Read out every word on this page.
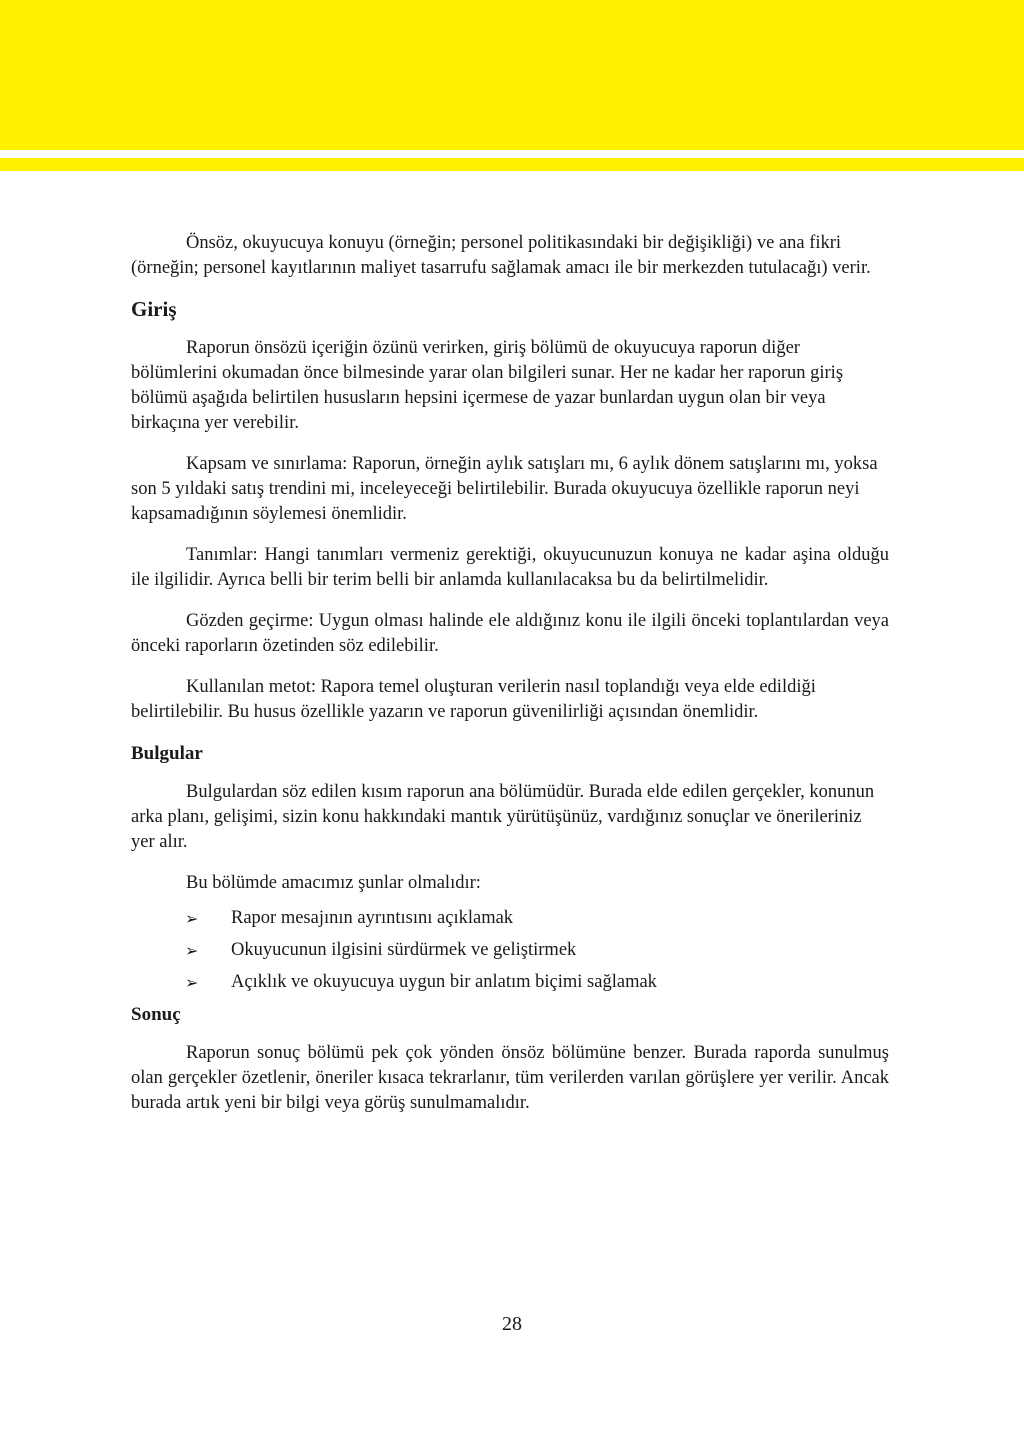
Önsöz, okuyucuya konuyu (örneğin; personel politikasındaki bir değişikliği) ve ana fikri (örneğin; personel kayıtlarının maliyet tasarrufu sağlamak amacı ile bir merkezden tutulacağı) verir.

Giriş

Raporun önsözü içeriğin özünü verirken, giriş bölümü de okuyucuya raporun diğer bölümlerini okumadan önce bilmesinde yarar olan bilgileri sunar. Her ne kadar her raporun giriş bölümü aşağıda belirtilen hususların hepsini içermese de yazar bunlardan uygun olan bir veya birkaçına yer verebilir.

Kapsam ve sınırlama: Raporun, örneğin aylık satışları mı, 6 aylık dönem satışlarını mı, yoksa son 5 yıldaki satış trendini mi, inceleyeceği belirtilebilir. Burada okuyucuya özellikle raporun neyi kapsamadığının söylemesi önemlidir.

Tanımlar: Hangi tanımları vermeniz gerektiği, okuyucunuzun konuya ne kadar aşina olduğu ile ilgilidir. Ayrıca belli bir terim belli bir anlamda kullanılacaksa bu da belirtilmelidir.

Gözden geçirme: Uygun olması halinde ele aldığınız konu ile ilgili önceki toplantılardan veya önceki raporların özetinden söz edilebilir.

Kullanılan metot: Rapora temel oluşturan verilerin nasıl toplandığı veya elde edildiği belirtilebilir. Bu husus özellikle yazarın ve raporun güvenilirliği açısından önemlidir.

Bulgular

Bulgulardan söz edilen kısım raporun ana bölümüdür. Burada elde edilen gerçekler, konunun arka planı, gelişimi, sizin konu hakkındaki mantık yürütüşünüz, vardığınız sonuçlar ve önerileriniz yer alır.

Bu bölümde amacımız şunlar olmalıdır:

➢	Rapor mesajının ayrıntısını açıklamak
➢	Okuyucunun ilgisini sürdürmek ve geliştirmek
➢	Açıklık ve okuyucuya uygun bir anlatım biçimi sağlamak
Sonuç

Raporun sonuç bölümü pek çok yönden önsöz bölümüne benzer. Burada raporda sunulmuş olan gerçekler özetlenir, öneriler kısaca tekrarlanır, tüm verilerden varılan görüşlere yer verilir. Ancak burada artık yeni bir bilgi veya görüş sunulmamalıdır.

28
